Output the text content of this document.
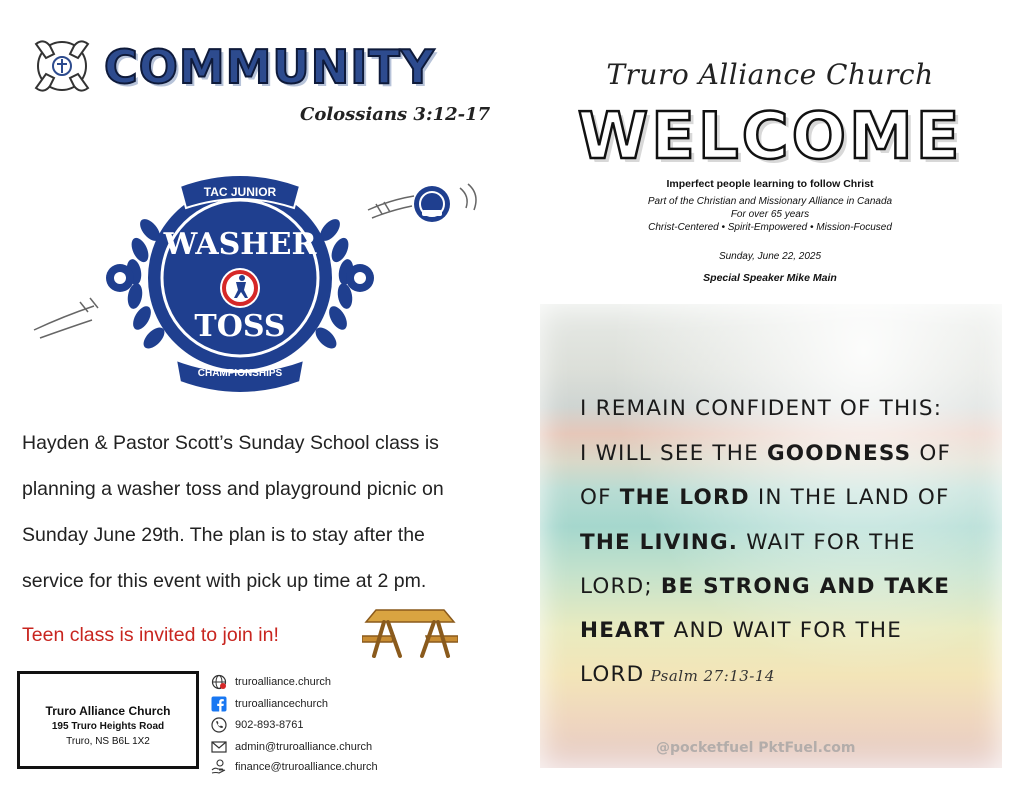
COMMUNITY
Colossians 3:12-17
TAC JUNIOR
CHAMPIONSHIPS
WASHER
TOSS
Hayden & Pastor Scott’s Sunday School class is
planning a washer toss and playground picnic on
Sunday June 29th. The plan is to stay after the
service for this event with pick up time at 2 pm.
Teen class is invited to join in!
Truro Alliance Church
195 Truro Heights Road
Truro, NS B6L 1X2
truroalliance.church
truroalliancechurch
902-893-8761
admin@truroalliance.church
finance@truroalliance.church
Truro Alliance Church
WELCOME
Imperfect people learning to follow Christ
Part of the Christian and Missionary Alliance in Canada
For over 65 years
Christ-Centered • Spirit-Empowered • Mission-Focused
Sunday, June 22, 2025
Special Speaker Mike Main
I REMAIN CONFIDENT OF THIS:
I WILL SEE THE GOODNESS OF
OF THE LORD IN THE LAND OF
THE LIVING. WAIT FOR THE
LORD; BE STRONG AND TAKE
HEART AND WAIT FOR THE
LORD Psalm 27:13-14
@pocketfuel PktFuel.com
